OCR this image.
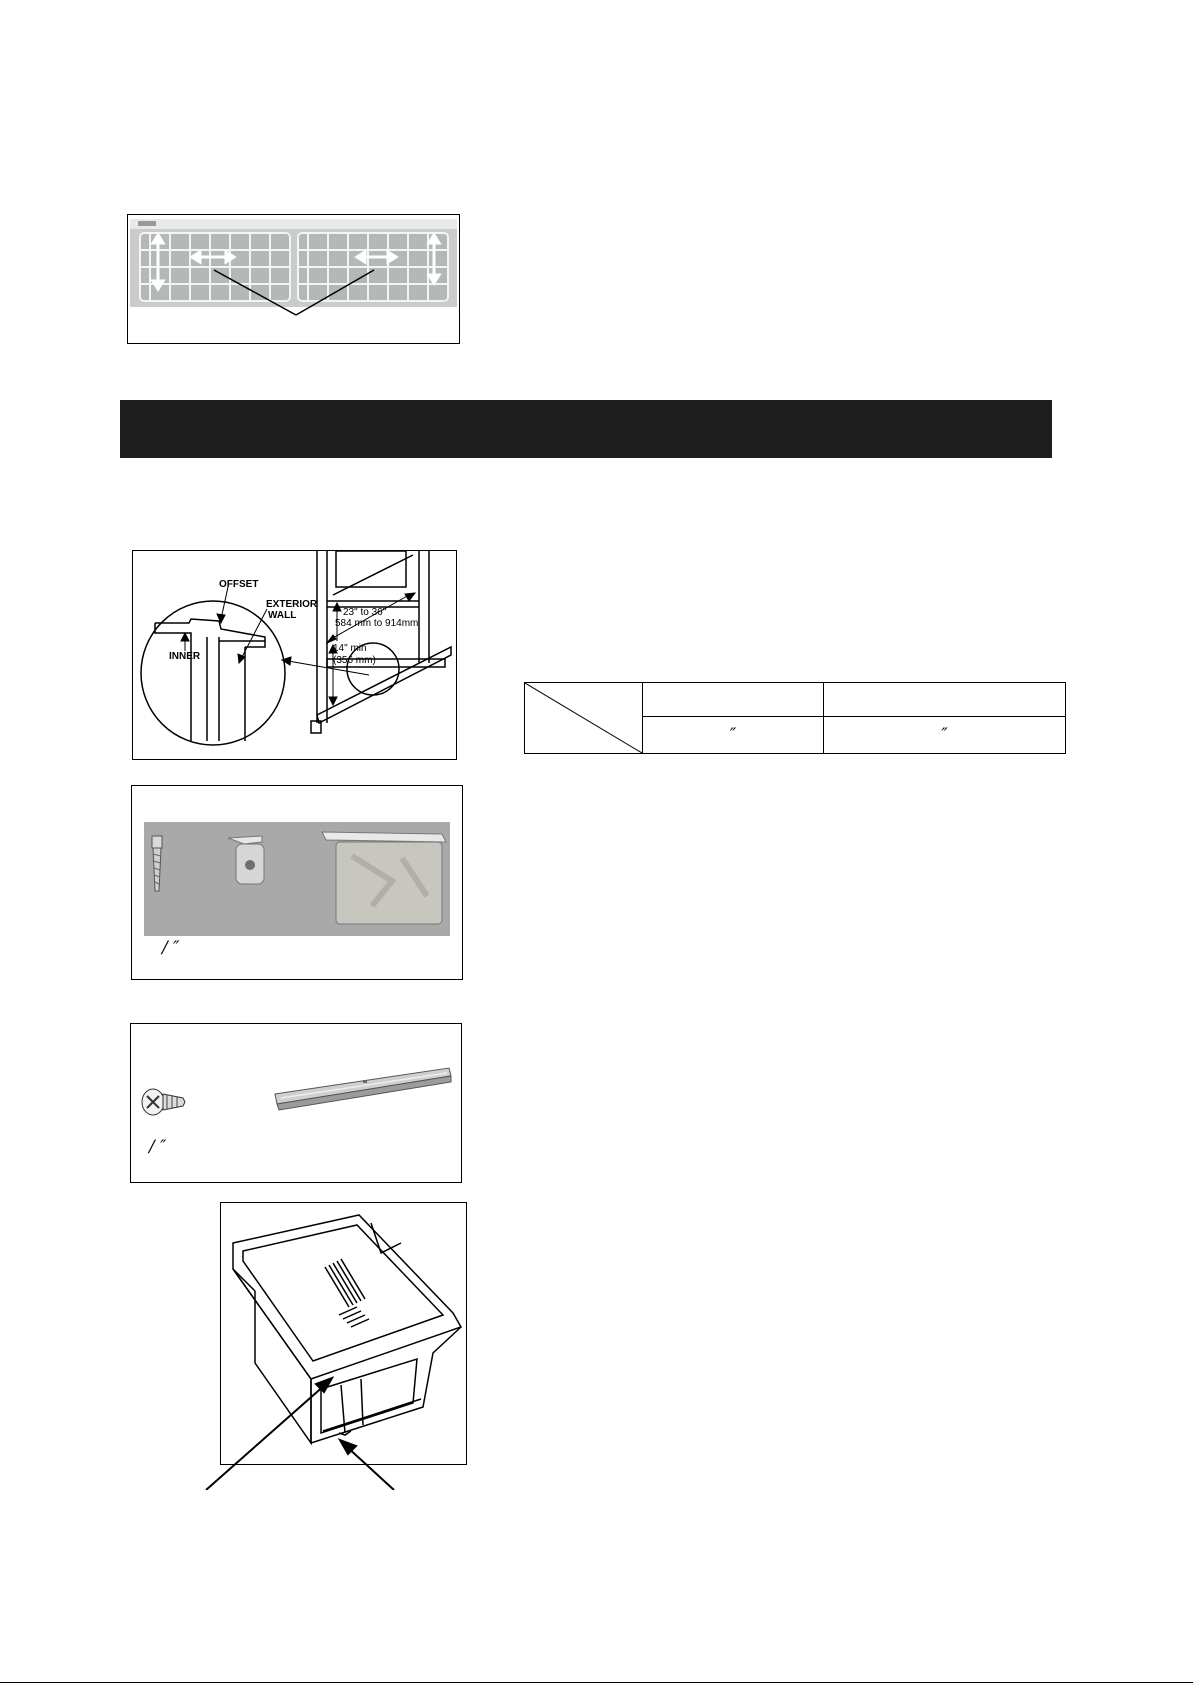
OFFSET
EXTERIOR
WALL
INNER
23" to 36"
584 mm to 914mm
14" min
(356 mm)

	″	″
/ ″
/ ″
